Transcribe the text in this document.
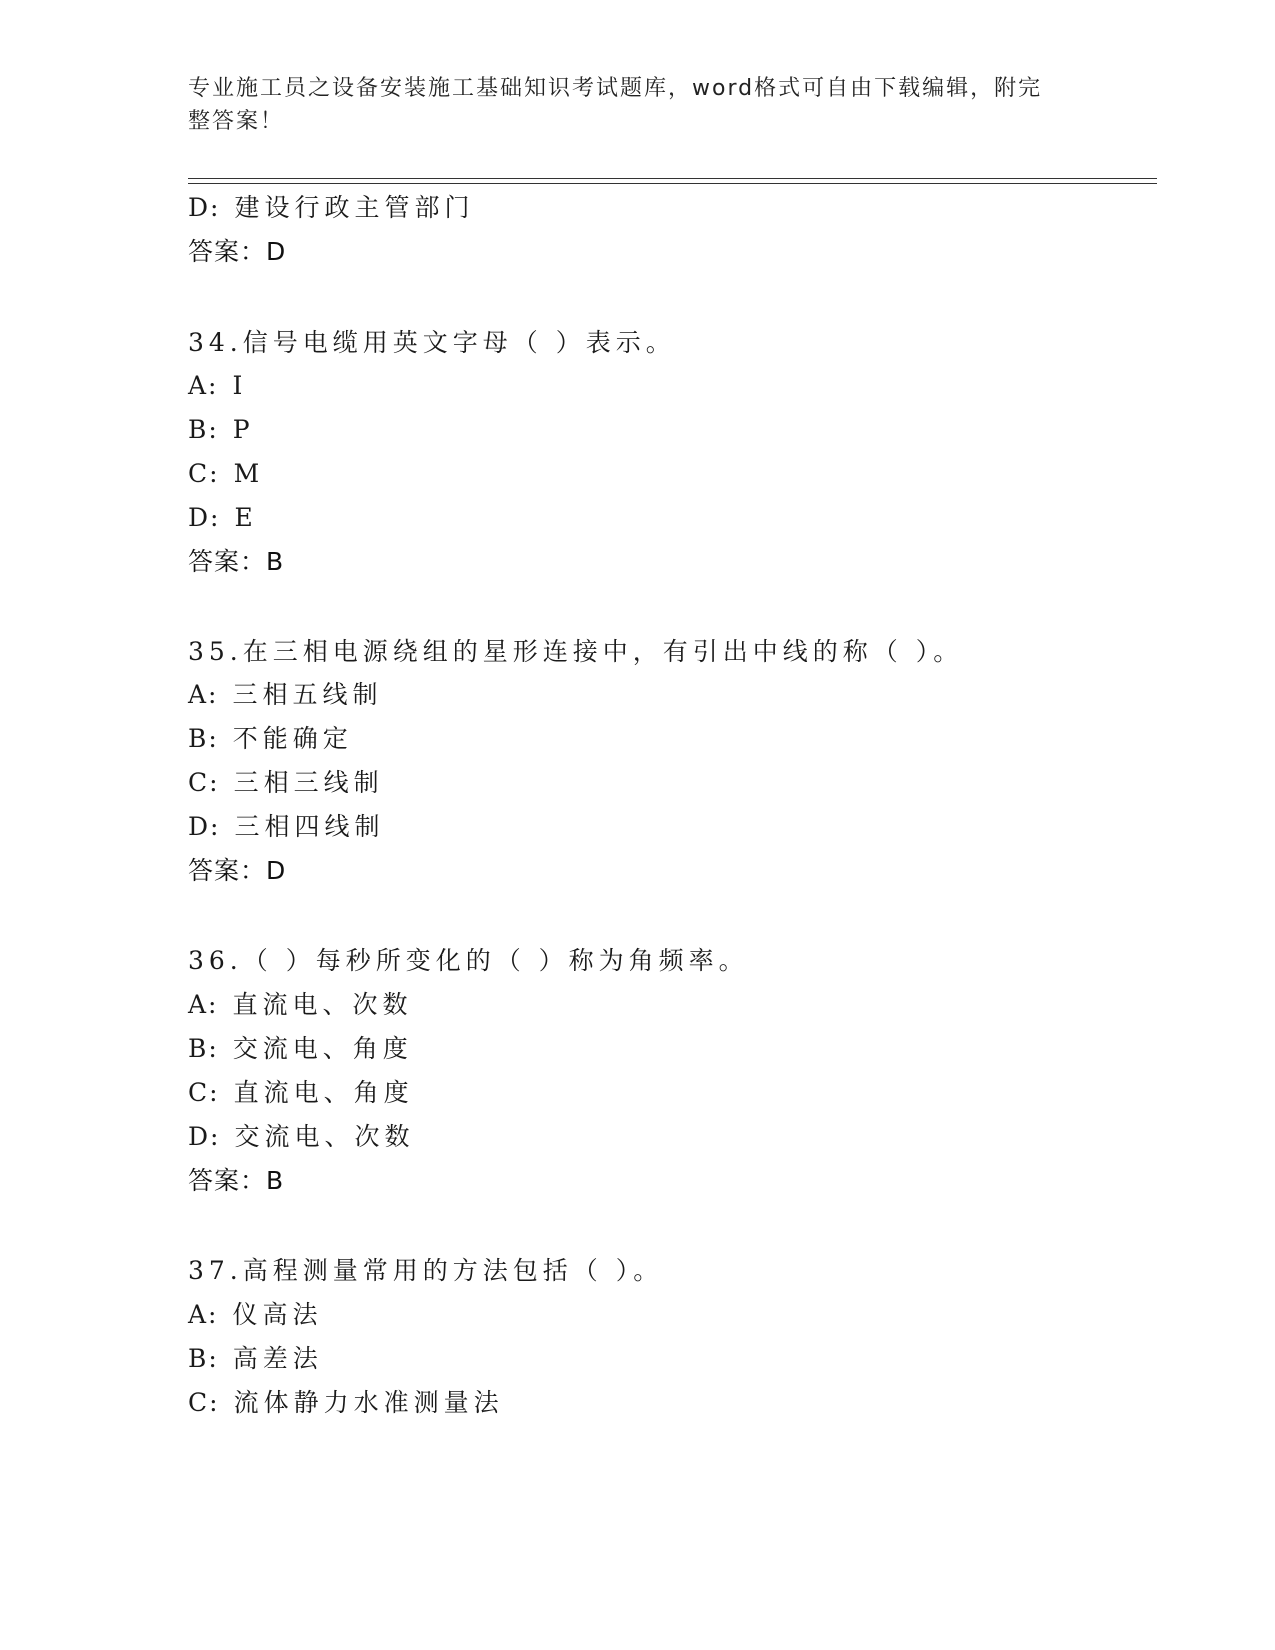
专业施工员之设备安装施工基础知识考试题库，word格式可自由下载编辑，附完
整答案！
D: 建设行政主管部门
答案：D
34.信号电缆用英文字母（ ）表示。
A: I
B: P
C: M
D: E
答案：B
35.在三相电源绕组的星形连接中，有引出中线的称（ ）。
A: 三相五线制
B: 不能确定
C: 三相三线制
D: 三相四线制
答案：D
36.（ ）每秒所变化的（ ）称为角频率。
A: 直流电、次数
B: 交流电、角度
C: 直流电、角度
D: 交流电、次数
答案：B
37.高程测量常用的方法包括（ ）。
A: 仪高法
B: 高差法
C: 流体静力水准测量法
